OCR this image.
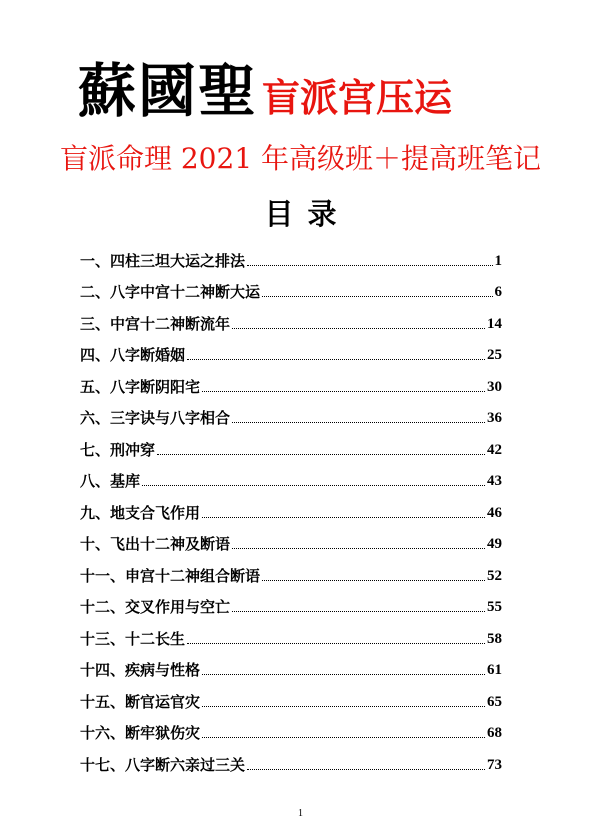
蘇國聖 盲派宫压运
盲派命理 2021 年高级班＋提高班笔记
目录
一、四柱三坦大运之排法	1
二、八字中宫十二神断大运	6
三、中宫十二神断流年	14
四、八字断婚姻	25
五、八字断阴阳宅	30
六、三字诀与八字相合	36
七、刑冲穿	42
八、基库	43
九、地支合飞作用	46
十、飞出十二神及断语	49
十一、申宫十二神组合断语	52
十二、交叉作用与空亡	55
十三、十二长生	58
十四、疾病与性格	61
十五、断官运官灾	65
十六、断牢狱伤灾	68
十七、八字断六亲过三关	73
1
